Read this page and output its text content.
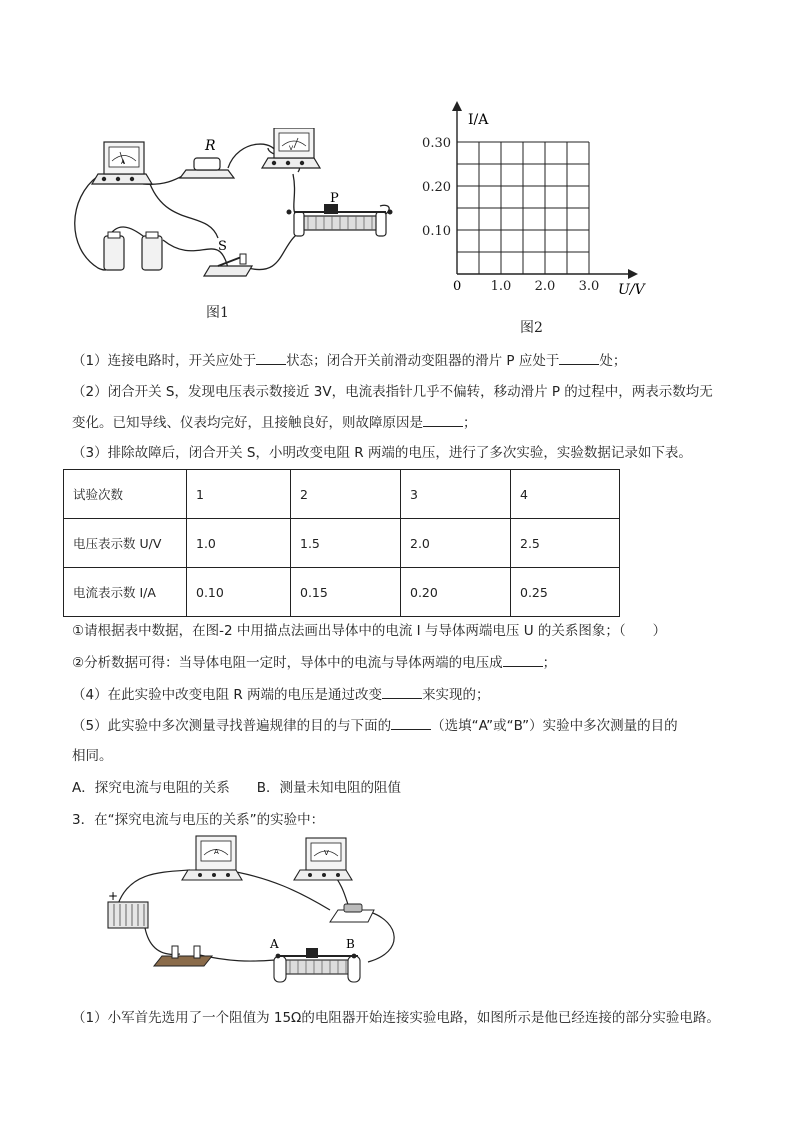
A
R	V
P
S
图1
I/A
U/V
0 1.0 2.0 3.0
0.10
0.20
0.30
图2
（1）连接电路时，开关应处于 状态；闭合开关前滑动变阻器的滑片 P 应处于	处；
（2）闭合开关 S，发现电压表示数接近 3V，电流表指针几乎不偏转，移动滑片 P 的过程中，两表示数均无
变化。已知导线、仪表均完好，且接触良好，则故障原因是	；
（3）排除故障后，闭合开关 S，小明改变电阻 R 两端的电压，进行了多次实验，实验数据记录如下表。
试验次数	1	2	3	4
电压表示数 U/V	1.0	1.5	2.0	2.5
电流表示数 I/A	0.10	0.15	0.20	0.25
①请根据表中数据，在图-2 中用描点法画出导体中的电流 I 与导体两端电压 U 的关系图象；（　　）
②分析数据可得：当导体电阻一定时，导体中的电流与导体两端的电压成	；
（4）在此实验中改变电阻 R 两端的电压是通过改变	来实现的；
（5）此实验中多次测量寻找普遍规律的目的与下面的	（选填“A”或“B”）实验中多次测量的目的
相同。
A．探究电流与电阻的关系　　B．测量未知电阻的阻值
3．在“探究电流与电压的关系”的实验中：
A	V
+
A	B
（1）小军首先选用了一个阻值为 15Ω的电阻器开始连接实验电路，如图所示是他已经连接的部分实验电路。
